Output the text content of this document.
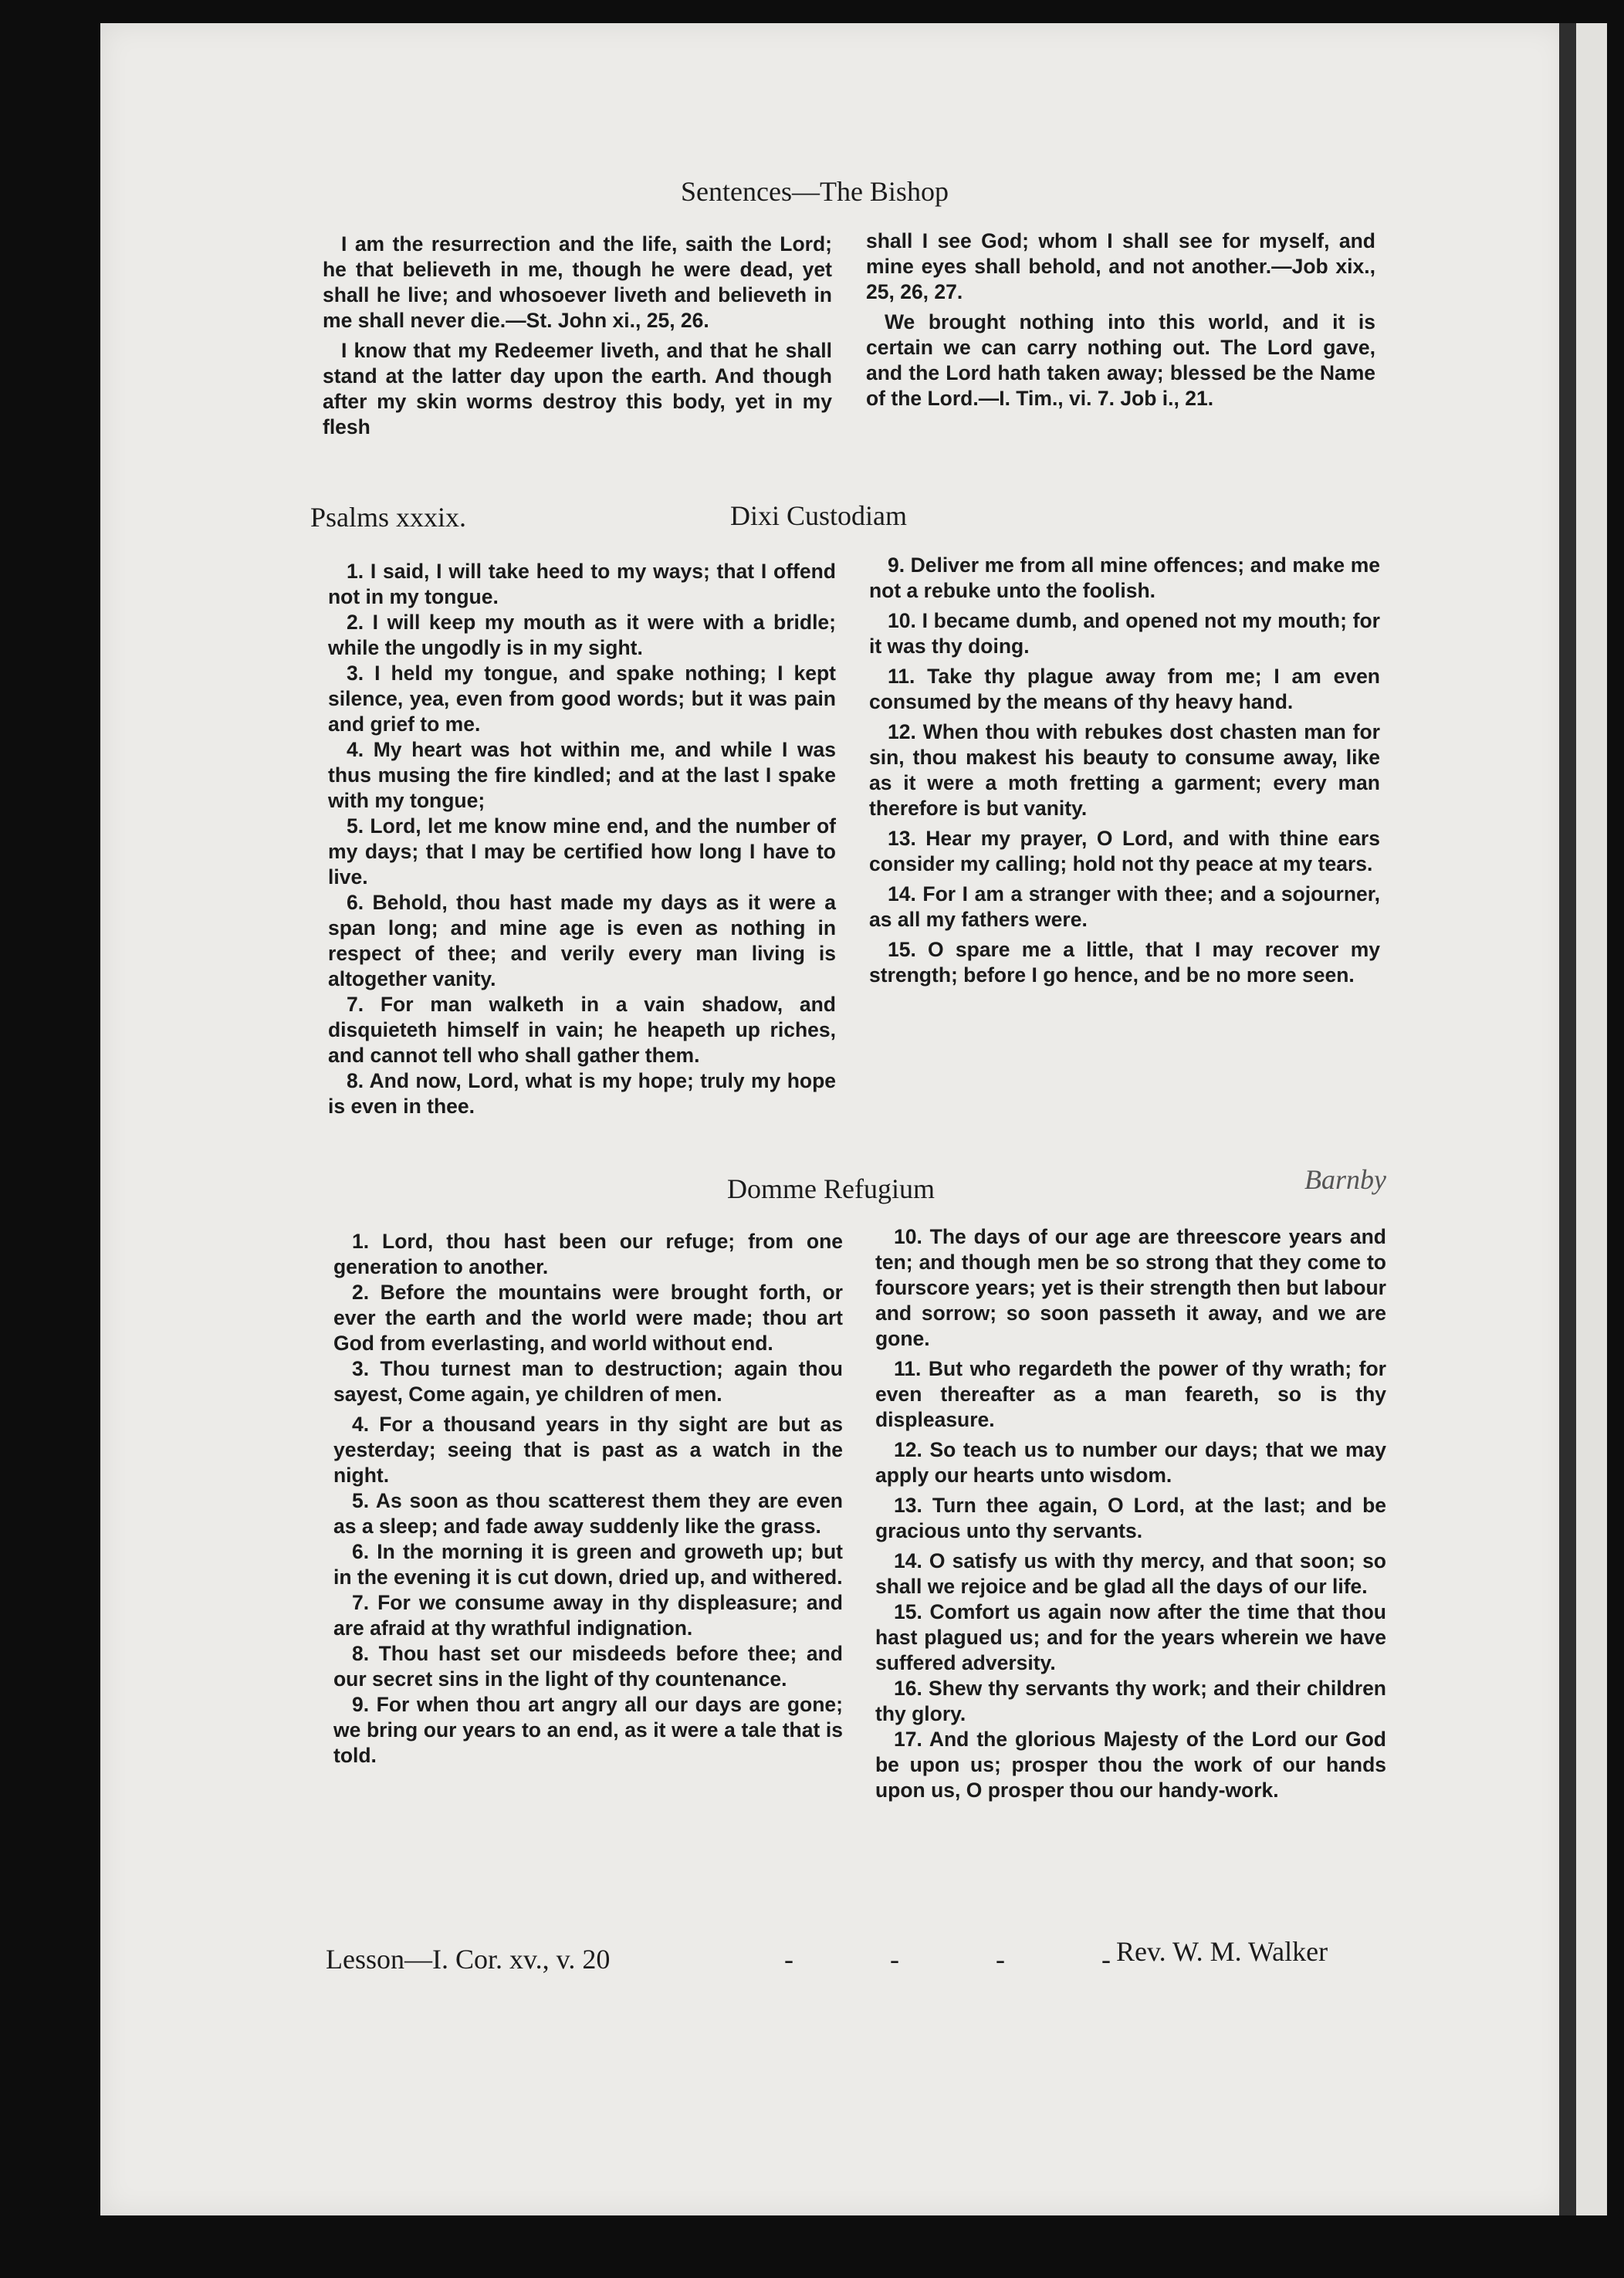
Sentences—The Bishop

I am the resurrection and the life, saith the Lord; he that believeth in me, though he were dead, yet shall he live; and whosoever liveth and believeth in me shall never die.—St. John xi., 25, 26.

I know that my Redeemer liveth, and that he shall stand at the latter day upon the earth. And though after my skin worms destroy this body, yet in my flesh

shall I see God; whom I shall see for myself, and mine eyes shall behold, and not another.—Job xix., 25, 26, 27.

We brought nothing into this world, and it is certain we can carry nothing out. The Lord gave, and the Lord hath taken away; blessed be the Name of the Lord.—I. Tim., vi. 7. Job i., 21.

Psalms xxxix.	Dixi Custodiam

1. I said, I will take heed to my ways; that I offend not in my tongue.

2. I will keep my mouth as it were with a bridle; while the ungodly is in my sight.

3. I held my tongue, and spake nothing; I kept silence, yea, even from good words; but it was pain and grief to me.

4. My heart was hot within me, and while I was thus musing the fire kindled; and at the last I spake with my tongue;

5. Lord, let me know mine end, and the number of my days; that I may be certified how long I have to live.

6. Behold, thou hast made my days as it were a span long; and mine age is even as nothing in respect of thee; and verily every man living is altogether vanity.

7. For man walketh in a vain shadow, and disquieteth himself in vain; he heapeth up riches, and cannot tell who shall gather them.

8. And now, Lord, what is my hope; truly my hope is even in thee.

9. Deliver me from all mine offences; and make me not a rebuke unto the foolish.

10. I became dumb, and opened not my mouth; for it was thy doing.

11. Take thy plague away from me; I am even consumed by the means of thy heavy hand.

12. When thou with rebukes dost chasten man for sin, thou makest his beauty to consume away, like as it were a moth fretting a garment; every man therefore is but vanity.

13. Hear my prayer, O Lord, and with thine ears consider my calling; hold not thy peace at my tears.

14. For I am a stranger with thee; and a sojourner, as all my fathers were.

15. O spare me a little, that I may recover my strength; before I go hence, and be no more seen.

Domme Refugium	Barnby

1. Lord, thou hast been our refuge; from one generation to another.

2. Before the mountains were brought forth, or ever the earth and the world were made; thou art God from everlasting, and world without end.

3. Thou turnest man to destruction; again thou sayest, Come again, ye children of men.

4. For a thousand years in thy sight are but as yesterday; seeing that is past as a watch in the night.

5. As soon as thou scatterest them they are even as a sleep; and fade away suddenly like the grass.

6. In the morning it is green and groweth up; but in the evening it is cut down, dried up, and withered.

7. For we consume away in thy displeasure; and are afraid at thy wrathful indignation.

8. Thou hast set our misdeeds before thee; and our secret sins in the light of thy countenance.

9. For when thou art angry all our days are gone; we bring our years to an end, as it were a tale that is told.

10. The days of our age are threescore years and ten; and though men be so strong that they come to fourscore years; yet is their strength then but labour and sorrow; so soon passeth it away, and we are gone.

11. But who regardeth the power of thy wrath; for even thereafter as a man feareth, so is thy displeasure.

12. So teach us to number our days; that we may apply our hearts unto wisdom.

13. Turn thee again, O Lord, at the last; and be gracious unto thy servants.

14. O satisfy us with thy mercy, and that soon; so shall we rejoice and be glad all the days of our life.

15. Comfort us again now after the time that thou hast plagued us; and for the years wherein we have suffered adversity.

16. Shew thy servants thy work; and their children thy glory.

17. And the glorious Majesty of the Lord our God be upon us; prosper thou the work of our hands upon us, O prosper thou our handy-work.

Lesson—I. Cor. xv., v. 20	- - - -
Rev. W. M. Walker
